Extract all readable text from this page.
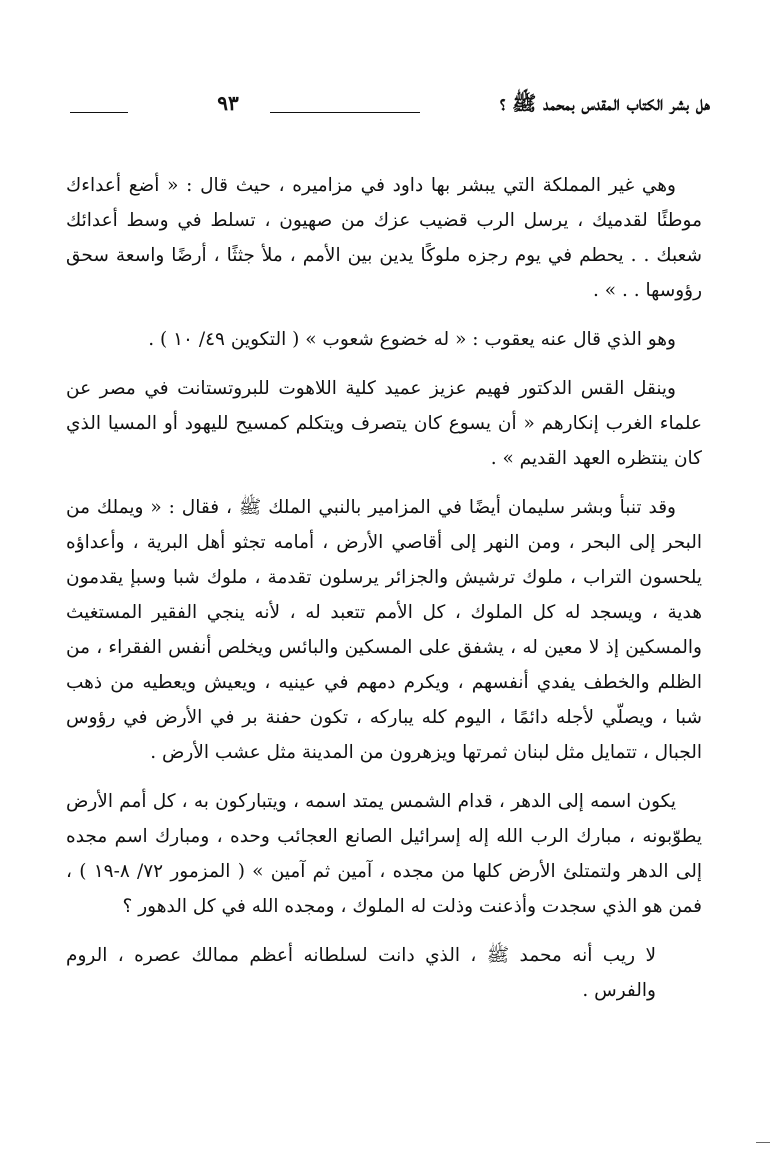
هل بشر الكتاب المقدس بمحمد ﷺ ؟
٩٣

وهي غير المملكة التي يبشر بها داود في مزاميره ، حيث قال : « أضع أعداءك موطئًا لقدميك ، يرسل الرب قضيب عزك من صهيون ، تسلط في وسط أعدائك شعبك . . يحطم في يوم رجزه ملوكًا يدين بين الأمم ، ملأ جثثًا ، أرضًا واسعة سحق رؤوسها . . » .

وهو الذي قال عنه يعقوب : « له خضوع شعوب » ( التكوين ٤٩/ ١٠ ) .

وينقل القس الدكتور فهيم عزيز عميد كلية اللاهوت للبروتستانت في مصر عن علماء الغرب إنكارهم « أن يسوع كان يتصرف ويتكلم كمسيح لليهود أو المسيا الذي كان ينتظره العهد القديم » .

وقد تنبأ وبشر سليمان أيضًا في المزامير بالنبي الملك ﷺ ، فقال : « ويملك من البحر إلى البحر ، ومن النهر إلى أقاصي الأرض ، أمامه تجثو أهل البرية ، وأعداؤه يلحسون التراب ، ملوك ترشيش والجزائر يرسلون تقدمة ، ملوك شبا وسبإ يقدمون هدية ، ويسجد له كل الملوك ، كل الأمم تتعبد له ، لأنه ينجي الفقير المستغيث والمسكين إذ لا معين له ، يشفق على المسكين والبائس ويخلص أنفس الفقراء ، من الظلم والخطف يفدي أنفسهم ، ويكرم دمهم في عينيه ، ويعيش ويعطيه من ذهب شبا ، ويصلّي لأجله دائمًا ، اليوم كله يباركه ، تكون حفنة بر في الأرض في رؤوس الجبال ، تتمايل مثل لبنان ثمرتها ويزهرون من المدينة مثل عشب الأرض .

يكون اسمه إلى الدهر ، قدام الشمس يمتد اسمه ، ويتباركون به ، كل أمم الأرض يطوّبونه ، مبارك الرب الله إله إسرائيل الصانع العجائب وحده ، ومبارك اسم مجده إلى الدهر ولتمتلئ الأرض كلها من مجده ، آمين ثم آمين » ( المزمور ٧٢/ ٨-١٩ ) ، فمن هو الذي سجدت وأذعنت وذلت له الملوك ، ومجده الله في كل الدهور ؟

لا ريب أنه محمد ﷺ ، الذي دانت لسلطانه أعظم ممالك عصره ، الروم والفرس .
